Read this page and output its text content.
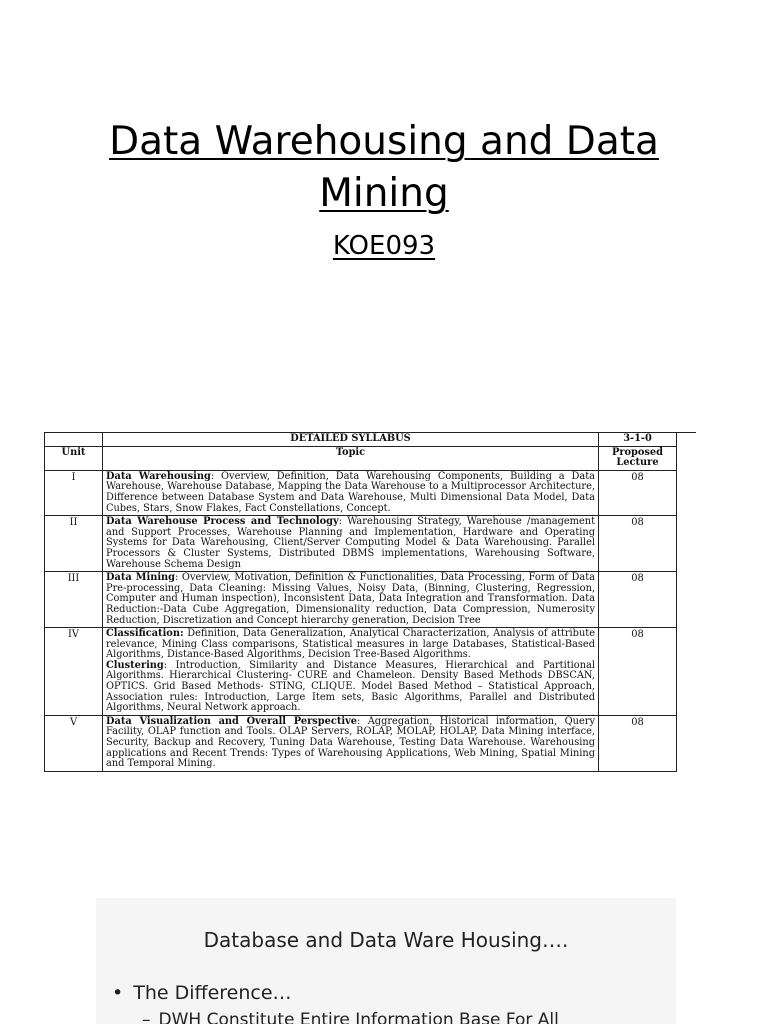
Data Warehousing and Data
Mining
KOE093
	DETAILED SYLLABUS	3-1-0
Unit	Topic	Proposed Lecture
I	Data Warehousing: Overview, Definition, Data Warehousing Components, Building a Data Warehouse, Warehouse Database, Mapping the Data Warehouse to a Multiprocessor Architecture, Difference between Database System and Data Warehouse, Multi Dimensional Data Model, Data Cubes, Stars, Snow Flakes, Fact Constellations, Concept.	08
II	Data Warehouse Process and Technology: Warehousing Strategy, Warehouse /management and Support Processes, Warehouse Planning and Implementation, Hardware and Operating Systems for Data Warehousing, Client/Server Computing Model & Data Warehousing. Parallel Processors & Cluster Systems, Distributed DBMS implementations, Warehousing Software, Warehouse Schema Design	08
III	Data Mining: Overview, Motivation, Definition & Functionalities, Data Processing, Form of Data Pre-processing, Data Cleaning: Missing Values, Noisy Data, (Binning, Clustering, Regression, Computer and Human inspection), Inconsistent Data, Data Integration and Transformation. Data Reduction:-Data Cube Aggregation, Dimensionality reduction, Data Compression, Numerosity Reduction, Discretization and Concept hierarchy generation, Decision Tree	08
IV	Classification: Definition, Data Generalization, Analytical Characterization, Analysis of attribute relevance, Mining Class comparisons, Statistical measures in large Databases, Statistical-Based Algorithms, Distance-Based Algorithms, Decision Tree-Based Algorithms.
Clustering: Introduction, Similarity and Distance Measures, Hierarchical and Partitional Algorithms. Hierarchical Clustering- CURE and Chameleon. Density Based Methods DBSCAN, OPTICS. Grid Based Methods- STING, CLIQUE. Model Based Method – Statistical Approach, Association rules: Introduction, Large Item sets, Basic Algorithms, Parallel and Distributed Algorithms, Neural Network approach.	08
V	Data Visualization and Overall Perspective: Aggregation, Historical information, Query Facility, OLAP function and Tools. OLAP Servers, ROLAP, MOLAP, HOLAP, Data Mining interface, Security, Backup and Recovery, Tuning Data Warehouse, Testing Data Warehouse. Warehousing applications and Recent Trends: Types of Warehousing Applications, Web Mining, Spatial Mining and Temporal Mining.	08
Database and Data Ware Housing….
• The Difference…
– DWH Constitute Entire Information Base For All
